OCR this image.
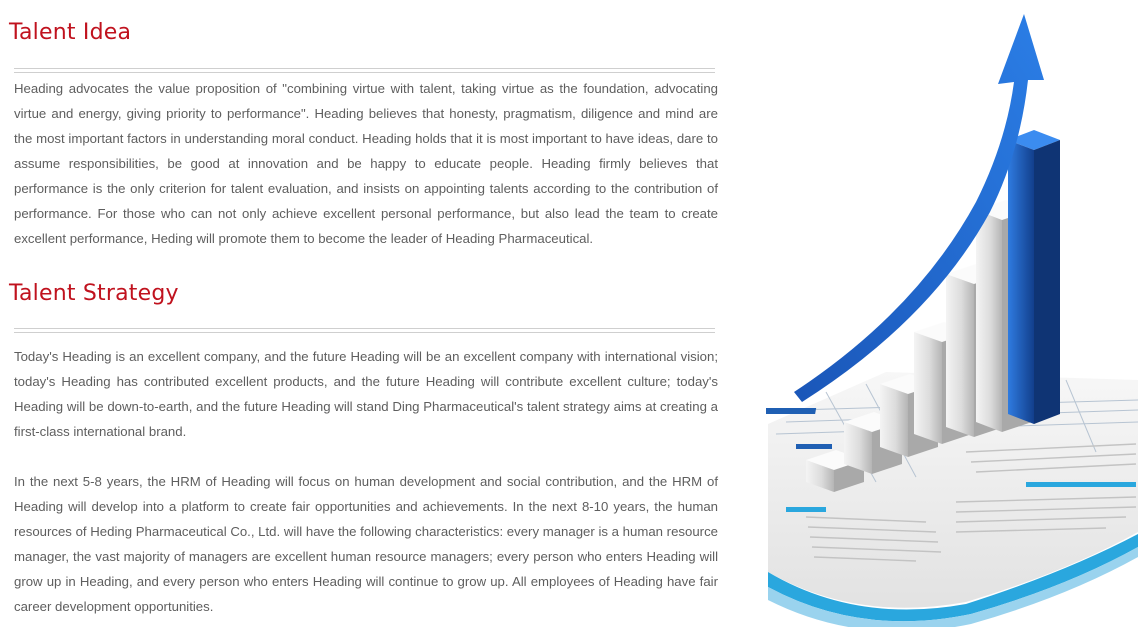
Talent Idea

Heading advocates the value proposition of "combining virtue with talent, taking virtue as the foundation, advocating virtue and energy, giving priority to performance". Heading believes that honesty, pragmatism, diligence and mind are the most important factors in understanding moral conduct. Heading holds that it is most important to have ideas, dare to assume responsibilities, be good at innovation and be happy to educate people. Heading firmly believes that performance is the only criterion for talent evaluation, and insists on appointing talents according to the contribution of performance. For those who can not only achieve excellent personal performance, but also lead the team to create excellent performance, Heding will promote them to become the leader of Heading Pharmaceutical.

Talent Strategy

Today's Heading is an excellent company, and the future Heading will be an excellent company with international vision; today's Heading has contributed excellent products, and the future Heading will contribute excellent culture; today's Heading will be down-to-earth, and the future Heading will stand Ding Pharmaceutical's talent strategy aims at creating a first-class international brand.

In the next 5-8 years, the HRM of Heading will focus on human development and social contribution, and the HRM of Heading will develop into a platform to create fair opportunities and achievements. In the next 8-10 years, the human resources of Heding Pharmaceutical Co., Ltd. will have the following characteristics: every manager is a human resource manager, the vast majority of managers are excellent human resource managers; every person who enters Heading will grow up in Heading, and every person who enters Heading will continue to grow up. All employees of Heading have fair career development opportunities.
